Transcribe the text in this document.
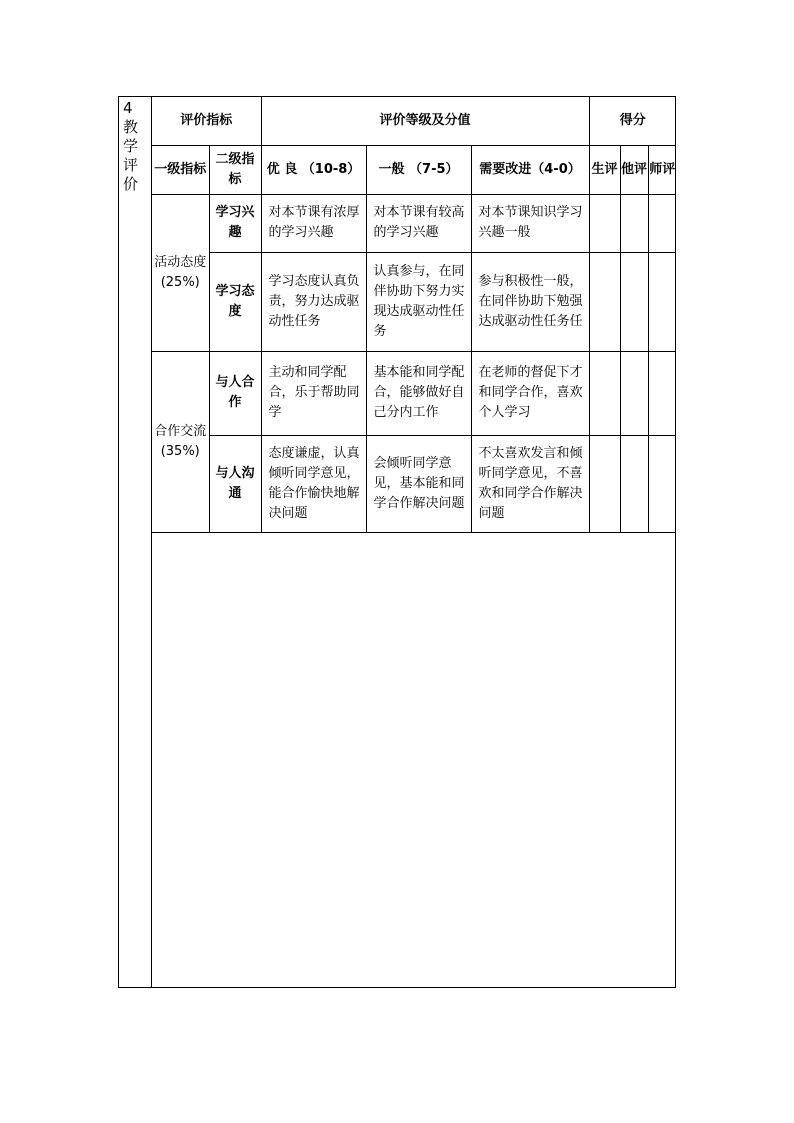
4教学评价
评价指标		评价等级及分值			得分		
一级指标	二级指标	优 良 （10-8）	一般 （7-5）	需要改进（4-0）	生评	他评	师评
活动态度(25%)	学习兴趣	对本节课有浓厚的学习兴趣	对本节课有较高的学习兴趣	对本节课知识学习兴趣一般			
	学习态度	学习态度认真负责，努力达成驱动性任务	认真参与，在同伴协助下努力实现达成驱动性任务	参与积极性一般，在同伴协助下勉强达成驱动性任务任			
合作交流(35%)	与人合作	主动和同学配合，乐于帮助同学	基本能和同学配合，能够做好自己分内工作	在老师的督促下才和同学合作，喜欢个人学习			
	与人沟通	态度谦虚，认真倾听同学意见，能合作愉快地解决问题	会倾听同学意见，基本能和同学合作解决问题	不太喜欢发言和倾听同学意见，不喜欢和同学合作解决问题			
